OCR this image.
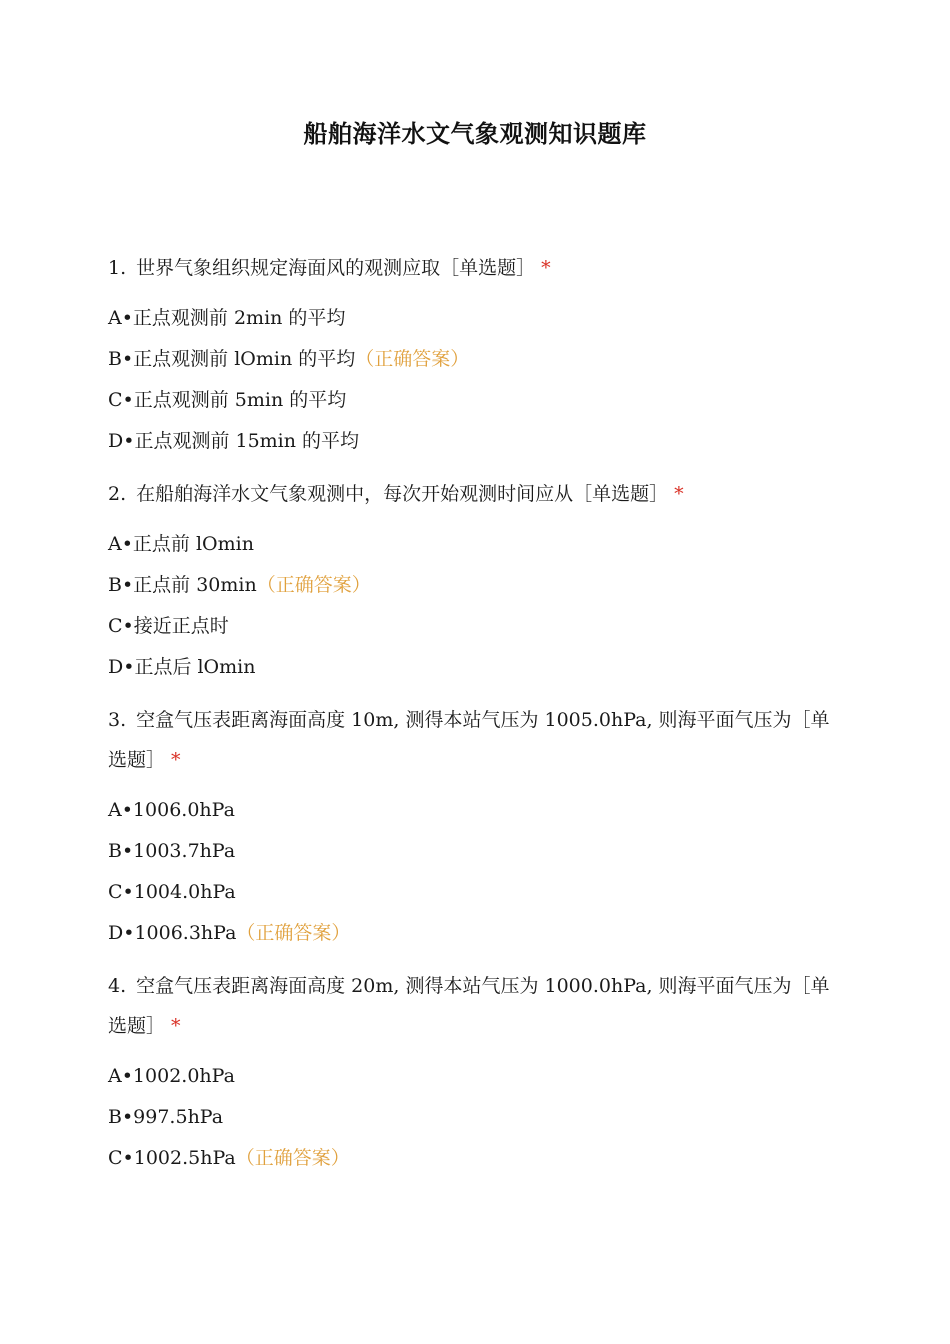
船舶海洋水文气象观测知识题库

1. 世界气象组织规定海面风的观测应取［单选题］ *

A•正点观测前 2min 的平均
B•正点观测前 lOmin 的平均（正确答案）
C•正点观测前 5min 的平均
D•正点观测前 15min 的平均

2. 在船舶海洋水文气象观测中，每次开始观测时间应从［单选题］ *

A•正点前 lOmin
B•正点前 30min（正确答案）
C•接近正点时
D•正点后 lOmin

3. 空盒气压表距离海面高度 10m, 测得本站气压为 1005.0hPa, 则海平面气压为［单选题］ *

A•1006.0hPa
B•1003.7hPa
C•1004.0hPa
D•1006.3hPa（正确答案）

4. 空盒气压表距离海面高度 20m, 测得本站气压为 1000.0hPa, 则海平面气压为［单选题］ *

A•1002.0hPa
B•997.5hPa
C•1002.5hPa（正确答案）
